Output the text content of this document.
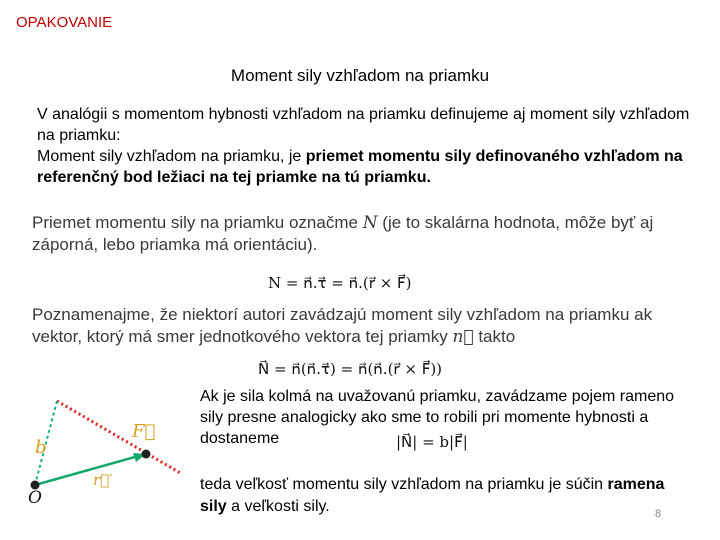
OPAKOVANIE
Moment sily vzhľadom na priamku
V analógii s momentom hybnosti vzhľadom na priamku definujeme aj moment sily vzhľadom na priamku:
Moment sily vzhľadom na priamku, je priemet momentu sily definovaného vzhľadom na referenčný bod ležiaci na tej priamke na tú priamku.
Priemet momentu sily na priamku označme N (je to skalárna hodnota, môže byť aj záporná, lebo priamka má orientáciu).
N = n⃗.τ⃗ = n⃗.(r⃗ × F⃗)
Poznamenajme, že niektorí autori zavádzajú moment sily vzhľadom na priamku ak vektor, ktorý má smer jednotkového vektora tej priamky n⃗ takto
N⃗ = n⃗(n⃗.τ⃗) = n⃗(n⃗.(r⃗ × F⃗))
F⃗
b
O
r⃗′
Ak je sila kolmá na uvažovanú priamku, zavádzame pojem rameno sily presne analogicky ako sme to robili pri momente hybnosti a dostaneme	|N⃗| = b|F⃗|
teda veľkosť momentu sily vzhľadom na priamku je súčin ramena sily a veľkosti sily.	8
